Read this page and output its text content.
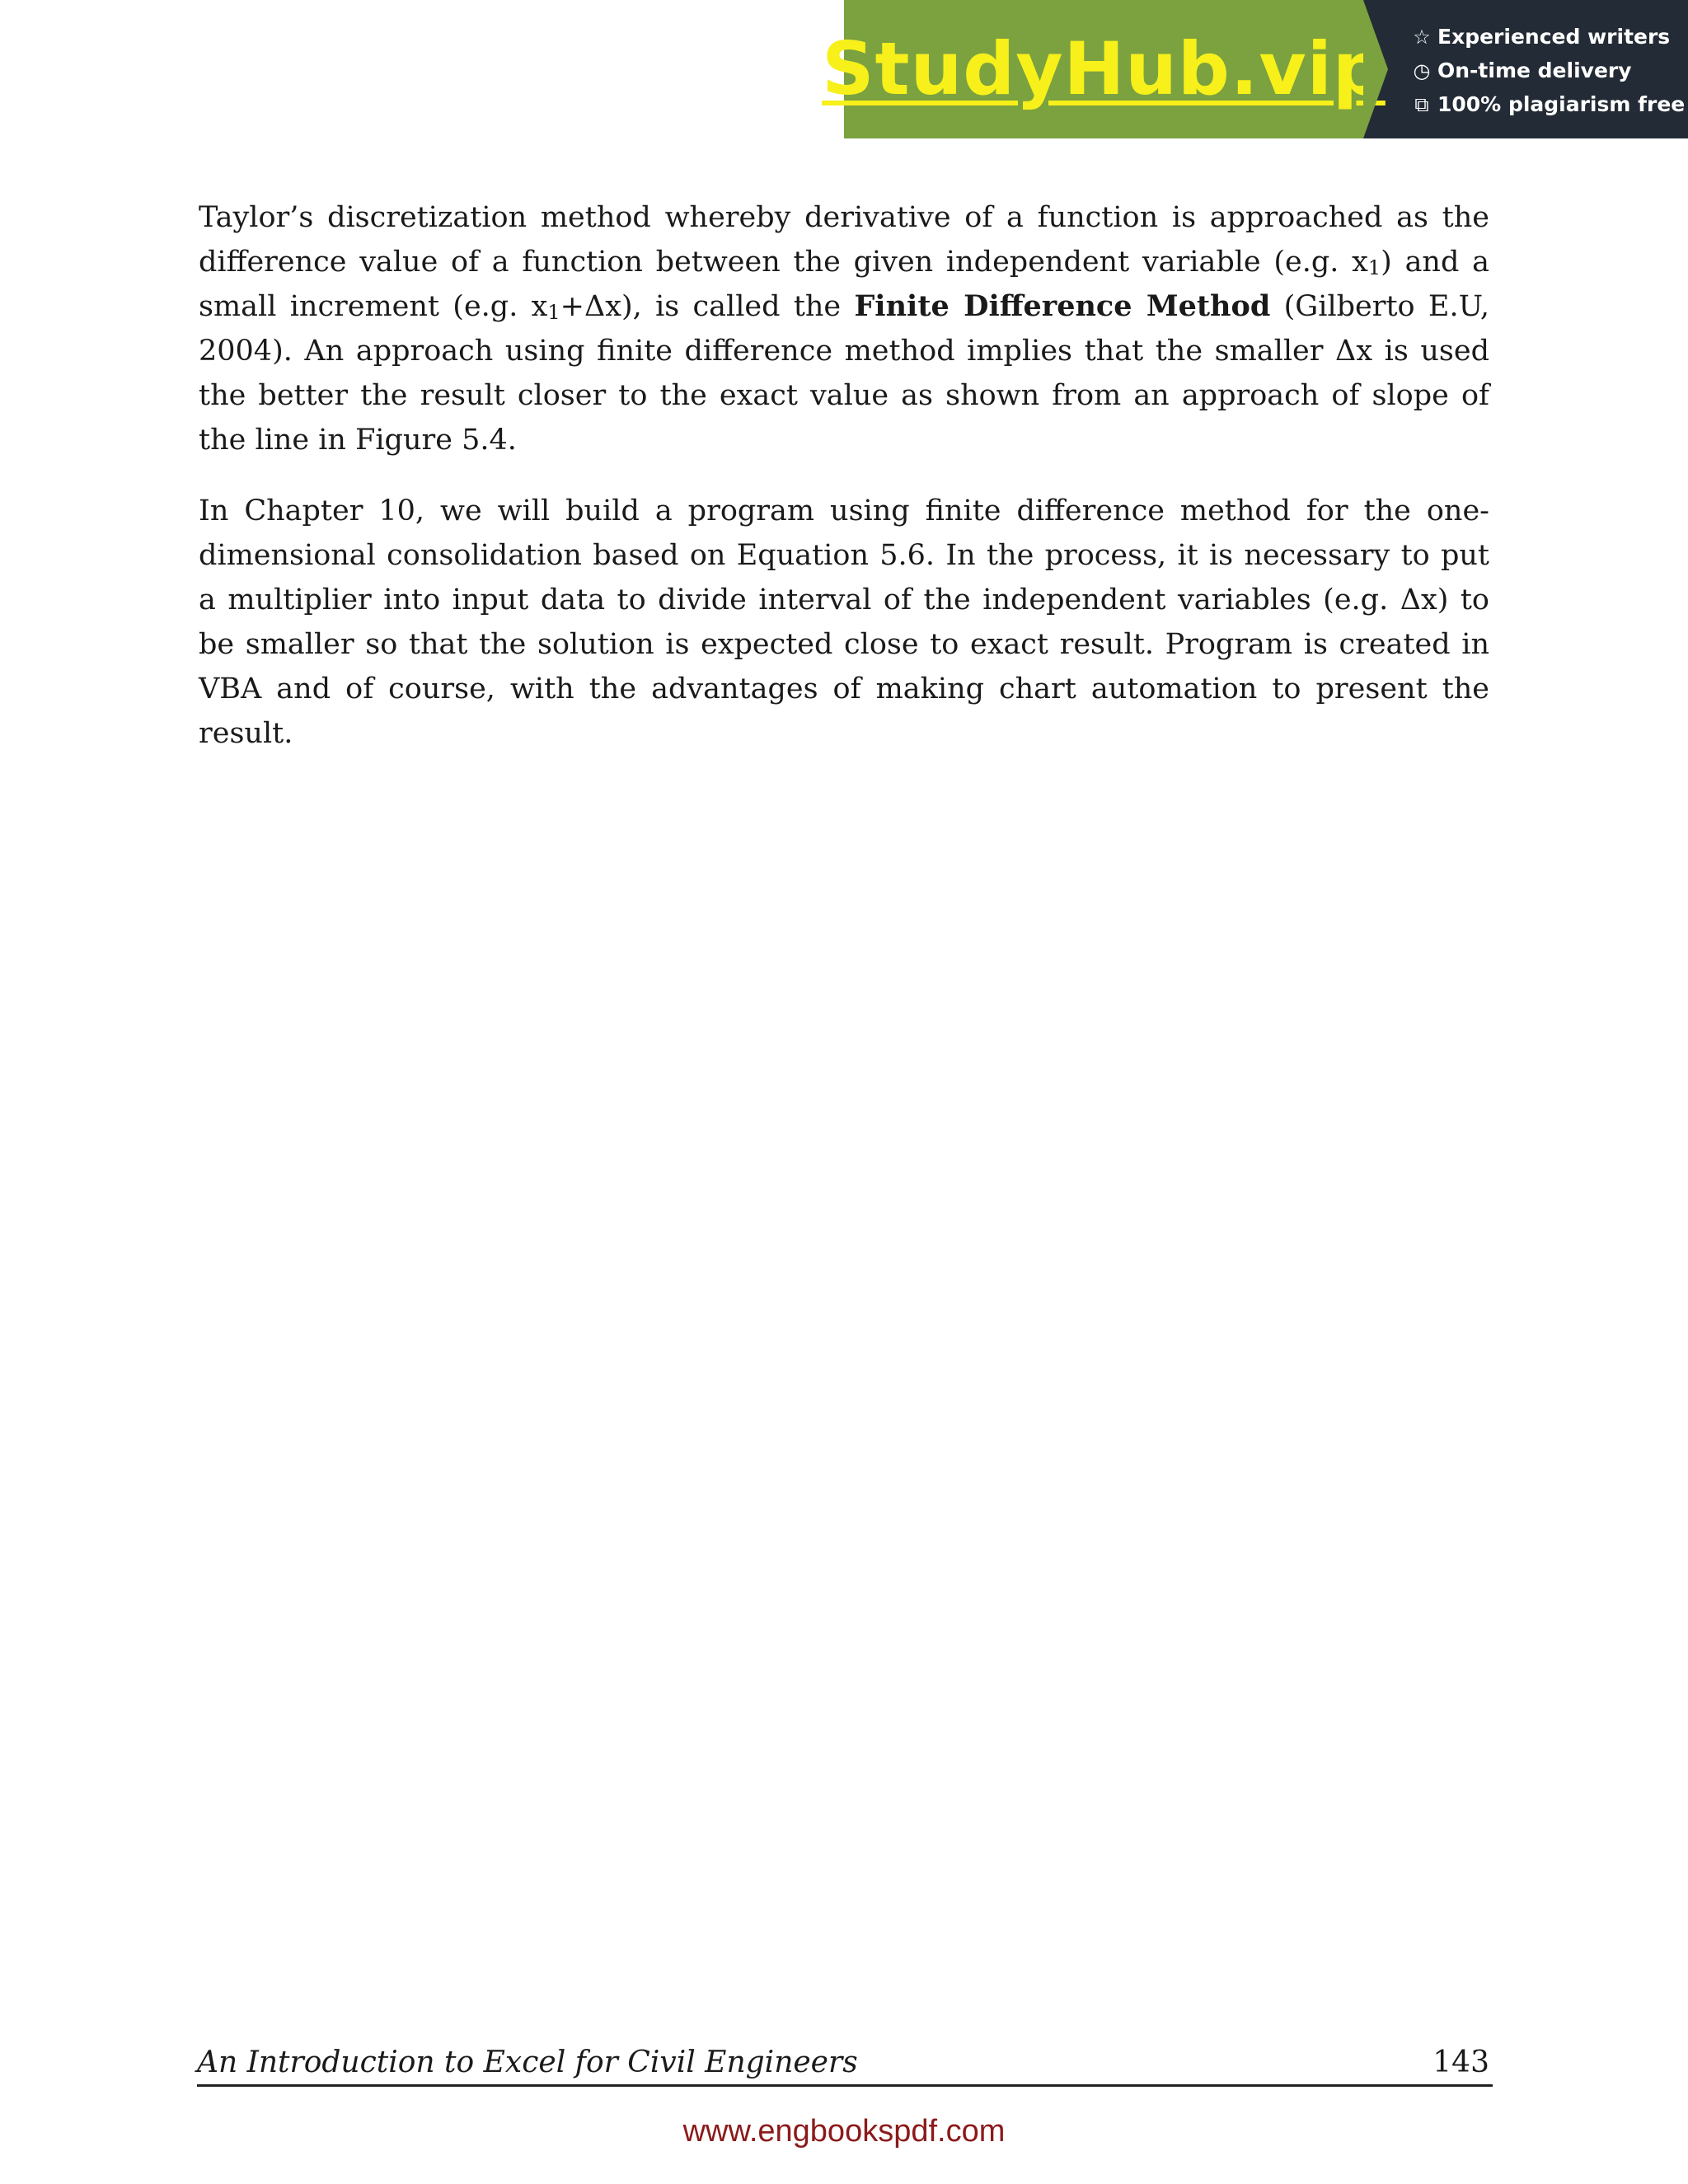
StudyHub.vip ☆ Experienced writers
◷ On-time delivery
⧉ 100% plagiarism free

Taylor’s discretization method whereby derivative of a function is approached as the difference value of a function between the given independent variable (e.g. $x_1$) and a small increment (e.g. $x_1+\Delta x$), is called the Finite Difference Method (Gilberto E.U, 2004). An approach using finite difference method implies that the smaller Δx is used the better the result closer to the exact value as shown from an approach of slope of the line in Figure 5.4.

In Chapter 10, we will build a program using finite difference method for the one-dimensional consolidation based on Equation 5.6. In the process, it is necessary to put a multiplier into input data to divide interval of the independent variables (e.g. Δx) to be smaller so that the solution is expected close to exact result. Program is created in VBA and of course, with the advantages of making chart automation to present the result.

An Introduction to Excel for Civil Engineers	143
www.engbookspdf.com
